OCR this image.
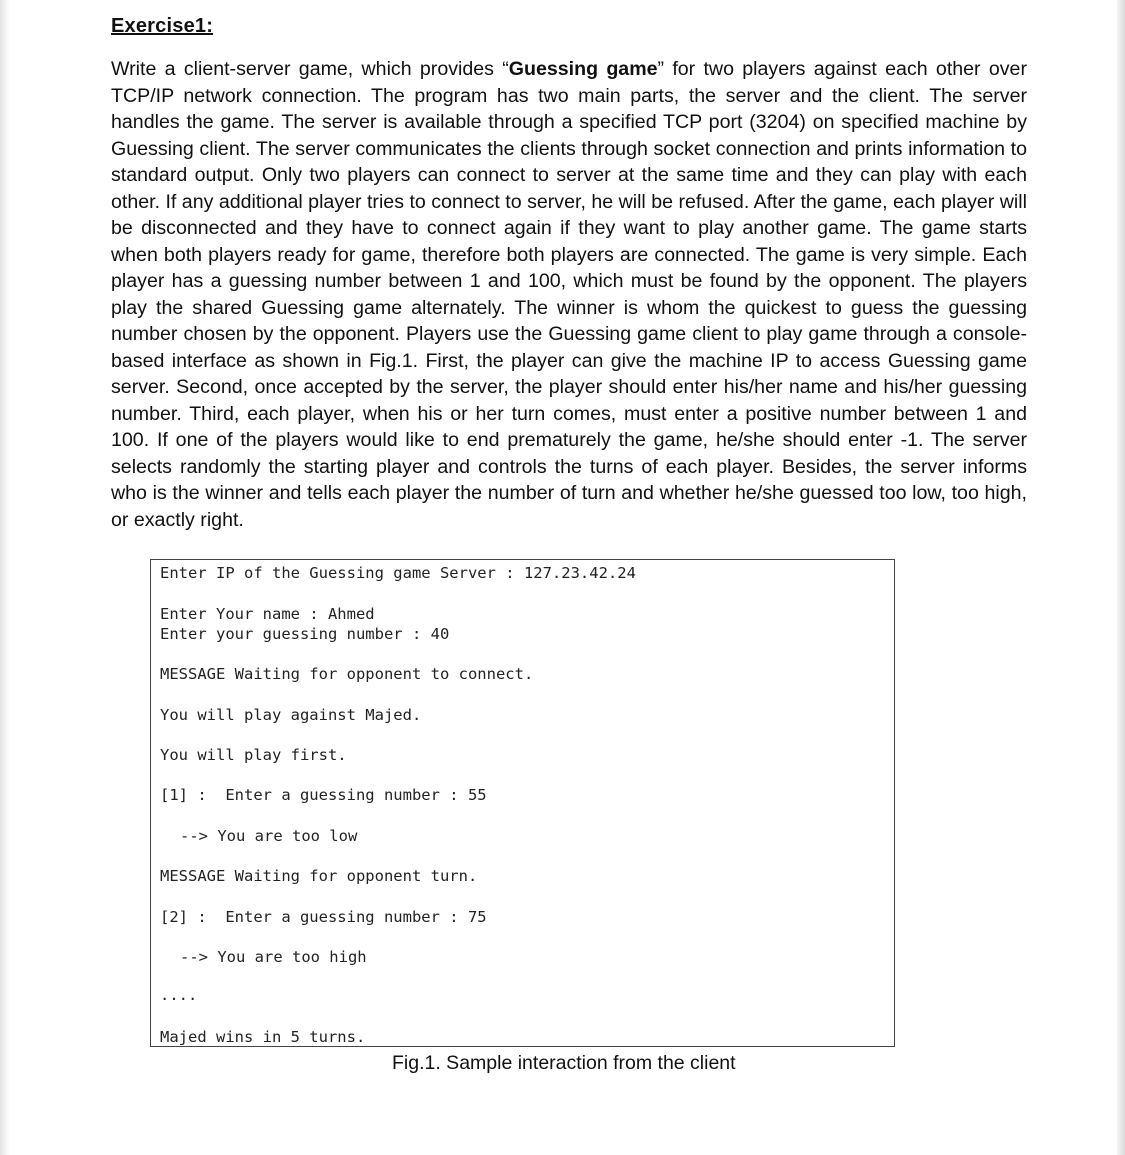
Exercise1:

Write a client-server game, which provides “Guessing game” for two players against each other over TCP/IP network connection. The program has two main parts, the server and the client. The server handles the game. The server is available through a specified TCP port (3204) on specified machine by Guessing client. The server communicates the clients through socket connection and prints information to standard output. Only two players can connect to server at the same time and they can play with each other. If any additional player tries to connect to server, he will be refused. After the game, each player will be disconnected and they have to connect again if they want to play another game. The game starts when both players ready for game, therefore both players are connected. The game is very simple. Each player has a guessing number between 1 and 100, which must be found by the opponent. The players play the shared Guessing game alternately. The winner is whom the quickest to guess the guessing number chosen by the opponent. Players use the Guessing game client to play game through a console-based interface as shown in Fig.1. First, the player can give the machine IP to access Guessing game server. Second, once accepted by the server, the player should enter his/her name and his/her guessing number. Third, each player, when his or her turn comes, must enter a positive number between 1 and 100. If one of the players would like to end prematurely the game, he/she should enter -1. The server selects randomly the starting player and controls the turns of each player. Besides, the server informs who is the winner and tells each player the number of turn and whether he/she guessed too low, too high, or exactly right.

Enter IP of the Guessing game Server : 127.23.42.24
Enter Your name : Ahmed
Enter your guessing number : 40
MESSAGE Waiting for opponent to connect.
You will play against Majed.
You will play first.
[1] :  Enter a guessing number : 55
--> You are too low
MESSAGE Waiting for opponent turn.
[2] :  Enter a guessing number : 75
--> You are too high
....
Majed wins in 5 turns.
Fig.1. Sample interaction from the client
